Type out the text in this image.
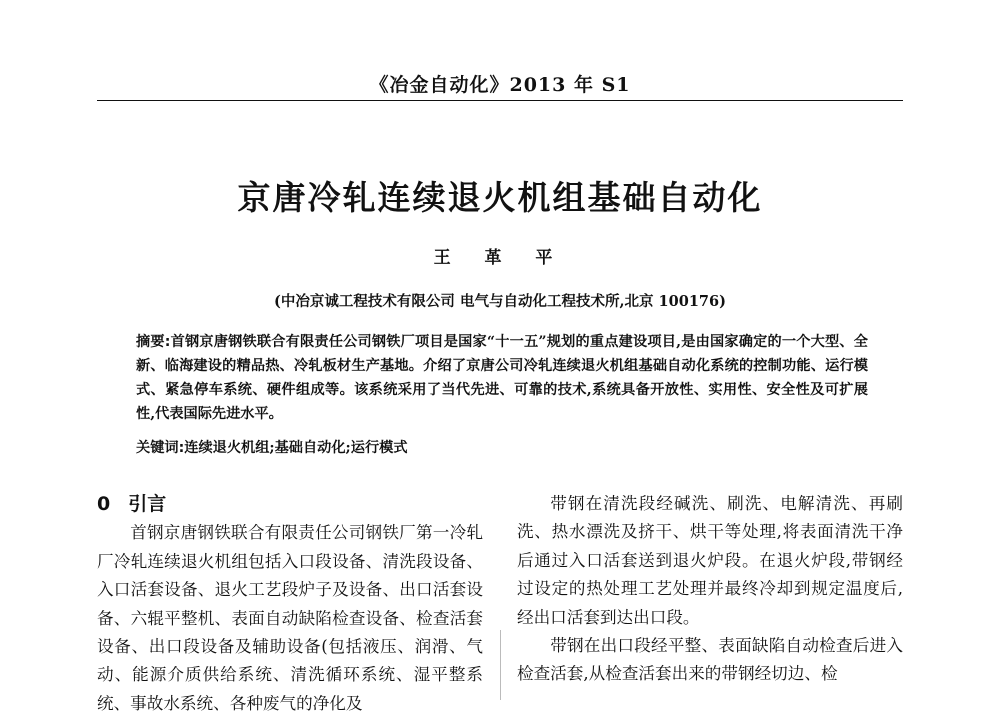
《冶金自动化》2013 年 S1
京唐冷轧连续退火机组基础自动化
王 革 平
(中冶京诚工程技术有限公司 电气与自动化工程技术所,北京 100176)
摘要:首钢京唐钢铁联合有限责任公司钢铁厂项目是国家“十一五”规划的重点建设项目,是由国家确定的一个大型、全新、临海建设的精品热、冷轧板材生产基地。介绍了京唐公司冷轧连续退火机组基础自动化系统的控制功能、运行模式、紧急停车系统、硬件组成等。该系统采用了当代先进、可靠的技术,系统具备开放性、实用性、安全性及可扩展性,代表国际先进水平。
关键词:连续退火机组;基础自动化;运行模式
0 引言

首钢京唐钢铁联合有限责任公司钢铁厂第一冷轧厂冷轧连续退火机组包括入口段设备、清洗段设备、入口活套设备、退火工艺段炉子及设备、出口活套设备、六辊平整机、表面自动缺陷检查设备、检查活套设备、出口段设备及辅助设备(包括液压、润滑、气动、能源介质供给系统、清洗循环系统、湿平整系统、事故水系统、各种废气的净化及

带钢在清洗段经碱洗、刷洗、电解清洗、再刷洗、热水漂洗及挤干、烘干等处理,将表面清洗干净后通过入口活套送到退火炉段。在退火炉段,带钢经过设定的热处理工艺处理并最终冷却到规定温度后,经出口活套到达出口段。

带钢在出口段经平整、表面缺陷自动检查后进入检查活套,从检查活套出来的带钢经切边、检
